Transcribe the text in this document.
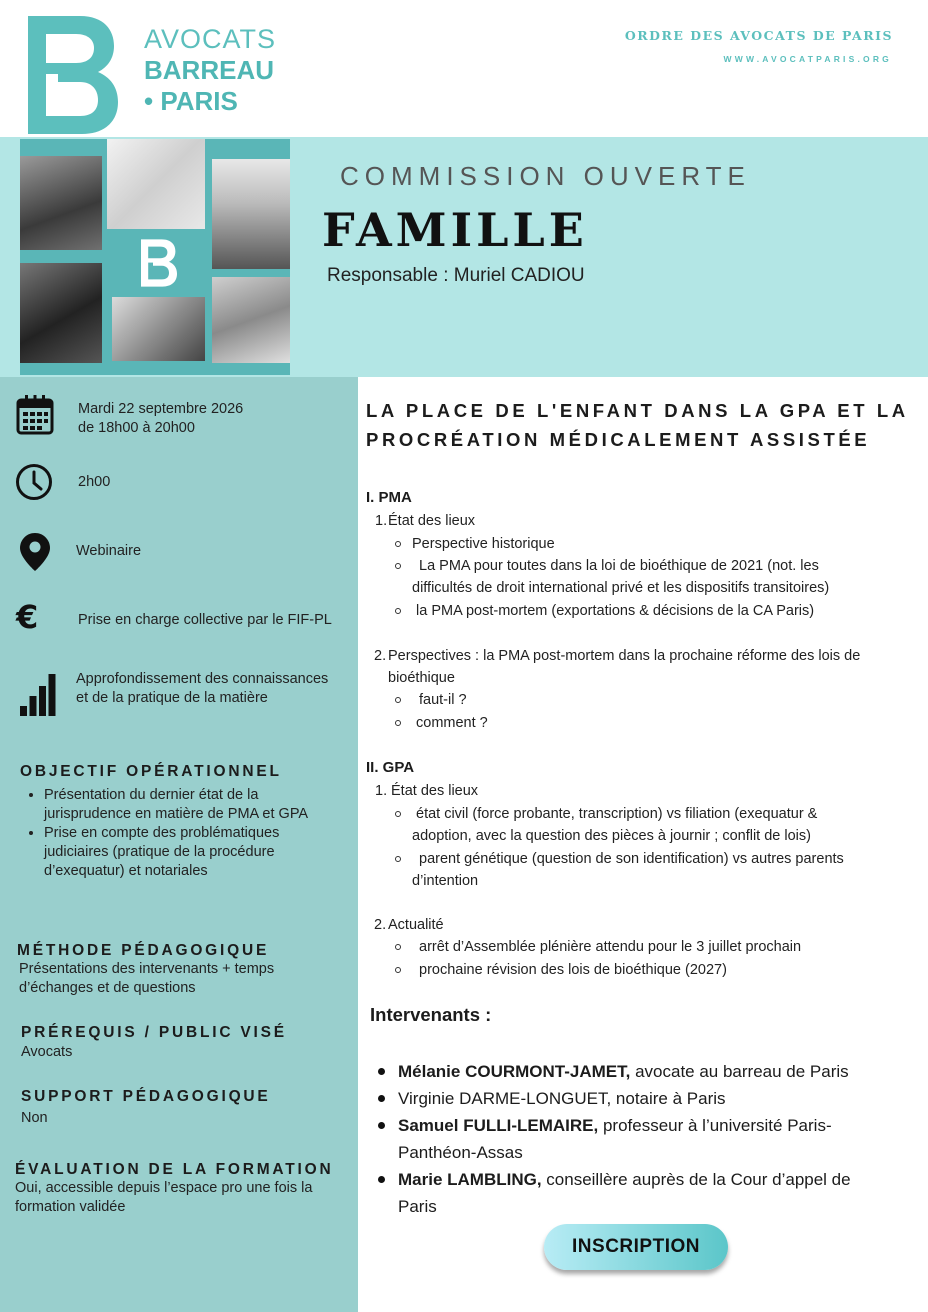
AVOCATS
BARREAU
• PARIS
ORDRE DES AVOCATS DE PARIS
WWW.AVOCATPARIS.ORG
COMMISSION OUVERTE
FAMILLE
Responsable : Muriel CADIOU
Mardi 22 septembre 2026
de 18h00 à 20h00
2h00
Webinaire
€	Prise en charge collective par le FIF-PL
Approfondissement des connaissances et de la pratique de la matière
OBJECTIF OPÉRATIONNEL
• Présentation du dernier état de la jurisprudence en matière de PMA et GPA
• Prise en compte des problématiques judiciaires (pratique de la procédure d’exequatur) et notariales
MÉTHODE PÉDAGOGIQUE
Présentations des intervenants + temps d’échanges et de questions
PRÉREQUIS / PUBLIC VISÉ
Avocats
SUPPORT PÉDAGOGIQUE
Non
ÉVALUATION DE LA FORMATION
Oui, accessible depuis l’espace pro une fois la formation validée
LA PLACE DE L'ENFANT DANS LA GPA ET LA PROCRÉATION MÉDICALEMENT ASSISTÉE
I. PMA
1. État des lieux
Perspective historique
La PMA pour toutes dans la loi de bioéthique de 2021 (not. les
difficultés de droit international privé et les dispositifs transitoires)
la PMA post-mortem (exportations & décisions de la CA Paris)
2. Perspectives : la PMA post-mortem dans la prochaine réforme des lois de
bioéthique
faut-il ?
comment ?
II. GPA
1. État des lieux
état civil (force probante, transcription) vs filiation (exequatur &
adoption, avec la question des pièces à journir ; conflit de lois)
parent génétique (question de son identification) vs autres parents
d’intention
2. Actualité
arrêt d’Assemblée plénière attendu pour le 3 juillet prochain
prochaine révision des lois de bioéthique (2027)
Intervenants :
Mélanie COURMONT-JAMET, avocate au barreau de Paris
Virginie DARME-LONGUET, notaire à Paris
Samuel FULLI-LEMAIRE, professeur à l’université Paris-
Panthéon-Assas
Marie LAMBLING, conseillère auprès de la Cour d’appel de
Paris
INSCRIPTION
